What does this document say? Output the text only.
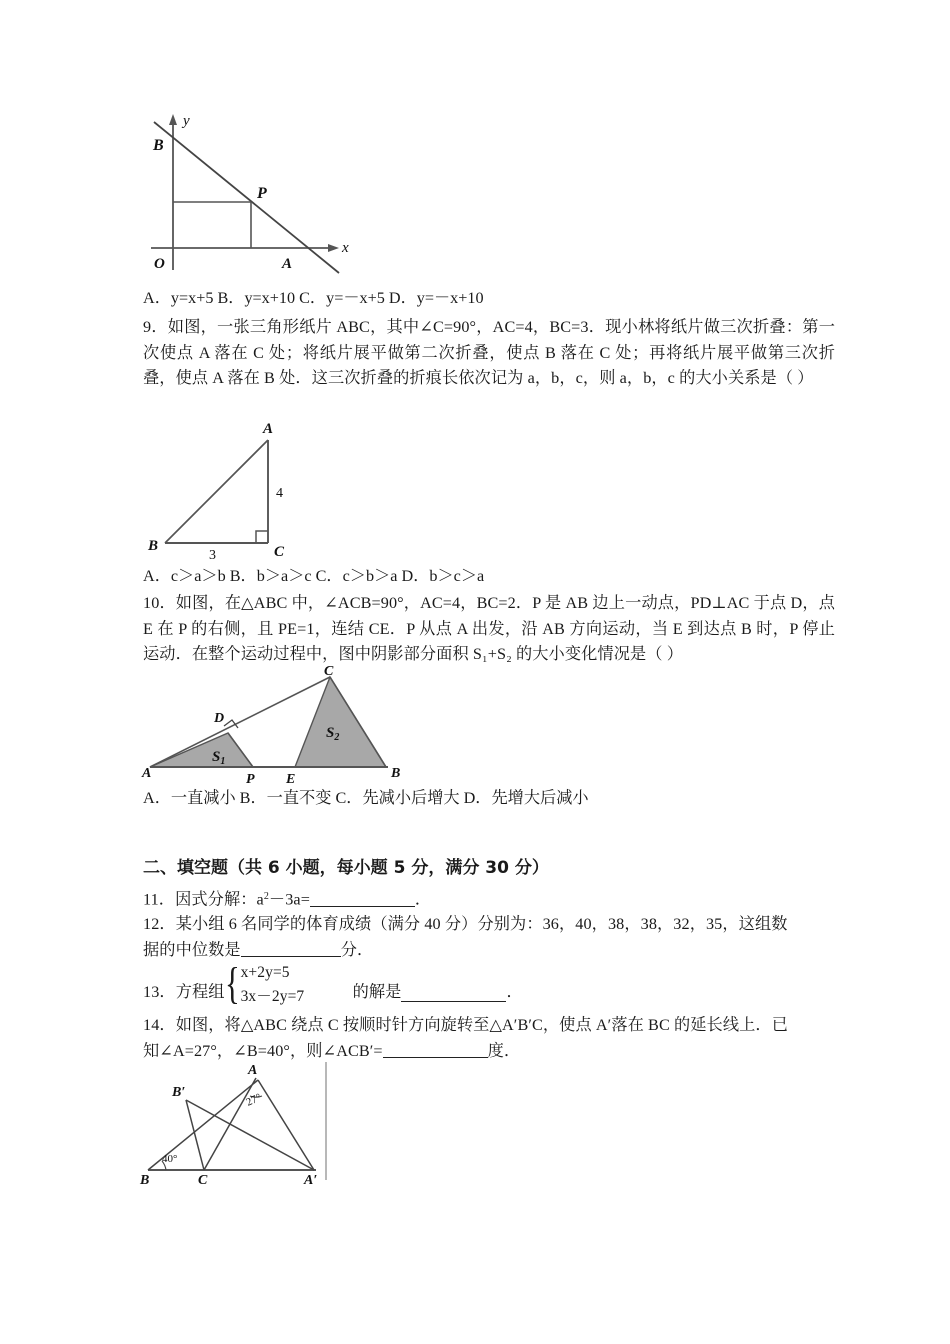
y
x
B
P
A
O
A．y=x+5 B．y=x+10 C．y=－x+5 D．y=－x+10
9．如图，一张三角形纸片 ABC，其中∠C=90°，AC=4，BC=3．现小林将纸片做三次折叠：第一次使点 A 落在 C 处；将纸片展平做第二次折叠，使点 B 落在 C 处；再将纸片展平做第三次折叠，使点 A 落在 B 处．这三次折叠的折痕长依次记为 a，b，c，则 a，b，c 的大小关系是（ ）
A
B	C
4
3
A．c＞a＞b B．b＞a＞c C．c＞b＞a D．b＞c＞a
10．如图，在△ABC 中，∠ACB=90°，AC=4，BC=2．P 是 AB 边上一动点，PD⊥AC 于点 D，点 E 在 P 的右侧，且 PE=1，连结 CE．P 从点 A 出发，沿 AB 方向运动，当 E 到达点 B 时，P 停止运动．在整个运动过程中，图中阴影部分面积 S₁+S₂ 的大小变化情况是（ ）
A	B
C
D
P E
$S_1$
$S_2$
A．一直减小 B．一直不变 C．先减小后增大 D．先增大后减小
二、填空题（共 6 小题，每小题 5 分，满分 30 分）
11．因式分解：$a^2-3a=$	．
12．某小组 6 名同学的体育成绩（满分 40 分）分别为：36，40，38，38，32，35，这组数
据的中位数是	分．
13．方程组 { x+2y=5
3x－2y=7	的解是	．
14．如图，将△ABC 绕点 C 按顺时针方向旋转至△A′B′C，使点 A′落在 BC 的延长线上．已
知∠A=27°，∠B=40°，则∠ACB′=	度．
A
B′
B	C	A′
27°
40°
